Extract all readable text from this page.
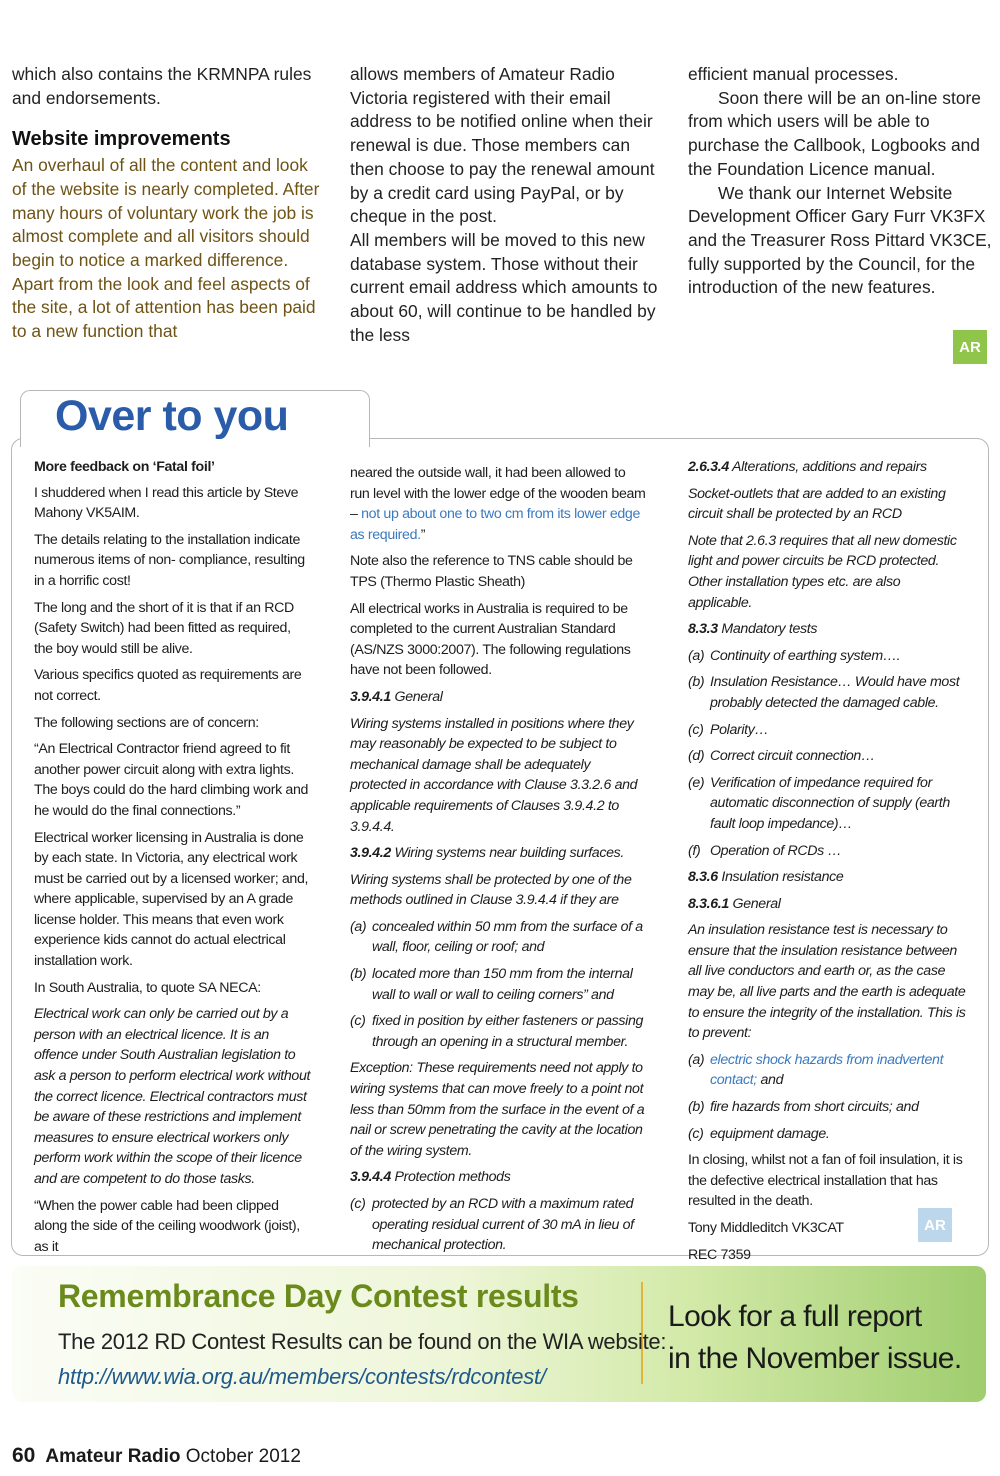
which also contains the KRMNPA rules and endorsements.

Website improvements

An overhaul of all the content and look of the website is nearly completed. After many hours of voluntary work the job is almost complete and all visitors should begin to notice a marked difference. Apart from the look and feel aspects of the site, a lot of attention has been paid to a new function that

allows members of Amateur Radio Victoria registered with their email address to be notified online when their renewal is due. Those members can then choose to pay the renewal amount by a credit card using PayPal, or by cheque in the post.

All members will be moved to this new database system. Those without their current email address which amounts to about 60, will continue to be handled by the less

efficient manual processes.

Soon there will be an on-line store from which users will be able to purchase the Callbook, Logbooks and the Foundation Licence manual.

We thank our Internet Website Development Officer Gary Furr VK3FX and the Treasurer Ross Pittard VK3CE, fully supported by the Council, for the introduction of the new features.

AR
Over to you

More feedback on ‘Fatal foil’

I shuddered when I read this article by Steve Mahony VK5AIM.

The details relating to the installation indicate numerous items of non- compliance, resulting in a horrific cost!

The long and the short of it is that if an RCD (Safety Switch) had been fitted as required, the boy would still be alive.

Various specifics quoted as requirements are not correct.

The following sections are of concern:

“An Electrical Contractor friend agreed to fit another power circuit along with extra lights. The boys could do the hard climbing work and he would do the final connections.”

Electrical worker licensing in Australia is done by each state. In Victoria, any electrical work must be carried out by a licensed worker; and, where applicable, supervised by an A grade license holder. This means that even work experience kids cannot do actual electrical installation work.

In South Australia, to quote SA NECA:

Electrical work can only be carried out by a person with an electrical licence. It is an offence under South Australian legislation to ask a person to perform electrical work without the correct licence. Electrical contractors must be aware of these restrictions and implement measures to ensure electrical workers only perform work within the scope of their licence and are competent to do those tasks.

“When the power cable had been clipped along the side of the ceiling woodwork (joist), as it

neared the outside wall, it had been allowed to run level with the lower edge of the wooden beam – not up about one to two cm from its lower edge as required.”

Note also the reference to TNS cable should be TPS (Thermo Plastic Sheath)

All electrical works in Australia is required to be completed to the current Australian Standard (AS/NZS 3000:2007). The following regulations have not been followed.

3.9.4.1 General

Wiring systems installed in positions where they may reasonably be expected to be subject to mechanical damage shall be adequately protected in accordance with Clause 3.3.2.6 and applicable requirements of Clauses 3.9.4.2 to 3.9.4.4.

3.9.4.2 Wiring systems near building surfaces.

Wiring systems shall be protected by one of the methods outlined in Clause 3.9.4.4 if they are

(a) concealed within 50 mm from the surface of a wall, floor, ceiling or roof; and
(b) located more than 150 mm from the internal wall to wall or wall to ceiling corners” and
(c) fixed in position by either fasteners or passing through an opening in a structural member.

Exception: These requirements need not apply to wiring systems that can move freely to a point not less than 50mm from the surface in the event of a nail or screw penetrating the cavity at the location of the wiring system.

3.9.4.4 Protection methods

(c) protected by an RCD with a maximum rated operating residual current of 30 mA in lieu of mechanical protection.

2.6.3.4 Alterations, additions and repairs

Socket-outlets that are added to an existing circuit shall be protected by an RCD

Note that 2.6.3 requires that all new domestic light and power circuits be RCD protected. Other installation types etc. are also applicable.

8.3.3 Mandatory tests

(a) Continuity of earthing system….
(b) Insulation Resistance… Would have most probably detected the damaged cable.
(c) Polarity…
(d) Correct circuit connection…
(e) Verification of impedance required for automatic disconnection of supply (earth fault loop impedance)…
(f) Operation of RCDs …

8.3.6 Insulation resistance

8.3.6.1 General

An insulation resistance test is necessary to ensure that the insulation resistance between all live conductors and earth or, as the case may be, all live parts and the earth is adequate to ensure the integrity of the installation. This is to prevent:

(a) electric shock hazards from inadvertent contact; and
(b) fire hazards from short circuits; and
(c) equipment damage.

In closing, whilst not a fan of foil insulation, it is the defective electrical installation that has resulted in the death.

Tony Middleditch VK3CAT

REC 7359

AR
Remembrance Day Contest results
The 2012 RD Contest Results can be found on the WIA website:
http://www.wia.org.au/members/contests/rdcontest/
Look for a full report
in the November issue.
60 Amateur Radio October 2012
